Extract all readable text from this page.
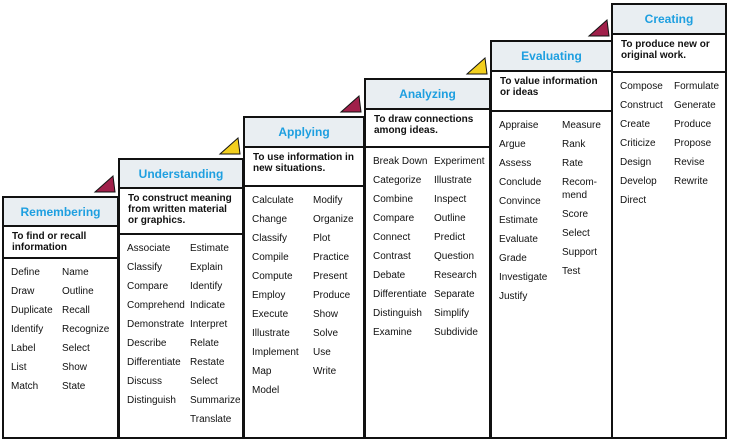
Remembering
To find or recall information
Define
Draw
Duplicate
Identify
Label
List
Match
Name
Outline
Recall
Recognize
Select
Show
State
Understanding
To construct meaning from written material or graphics.
Associate
Classify
Compare
Comprehend
Demonstrate
Describe
Differentiate
Discuss
Distinguish
Estimate
Explain
Identify
Indicate
Interpret
Relate
Restate
Select
Summarize
Translate
Applying
To use information in new situations.
Calculate
Change
Classify
Compile
Compute
Employ
Execute
Illustrate
Implement
Map
Model
Modify
Organize
Plot
Practice
Present
Produce
Show
Solve
Use
Write
Analyzing
To draw connections among ideas.
Break Down
Categorize
Combine
Compare
Connect
Contrast
Debate
Differentiate
Distinguish
Examine
Experiment
Illustrate
Inspect
Outline
Predict
Question
Research
Separate
Simplify
Subdivide
Evaluating
To value information or ideas
Appraise
Argue
Assess
Conclude
Convince
Estimate
Evaluate
Grade
Investigate
Justify
Measure
Rank
Rate
Recom-
mend
Score
Select
Support
Test
Creating
To produce new or original work.
Compose
Construct
Create
Criticize
Design
Develop
Direct
Formulate
Generate
Produce
Propose
Revise
Rewrite
